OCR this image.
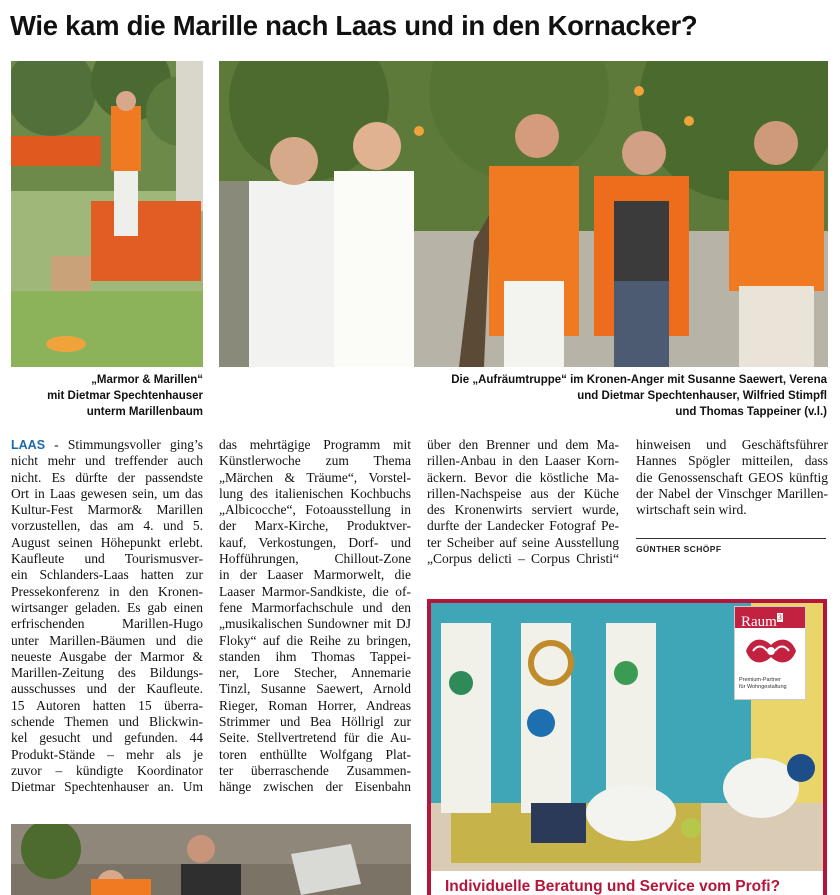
Wie kam die Marille nach Laas und in den Kornacker?
„Marmor & Marillen“
mit Dietmar Spechtenhauser
unterm Marillenbaum
Die „Aufräumtruppe“ im Kronen-Anger mit Susanne Saewert, Verena
und Dietmar Spechtenhauser, Wilfried Stimpfl
und Thomas Tappeiner (v.l.)
LAAS - Stimmungsvoller ging’s
nicht mehr und treffender auch
nicht. Es dürfte der passendste
Ort in Laas gewesen sein, um das
Kultur-Fest Marmor& Marillen
vorzustellen, das am 4. und 5.
August seinen Höhepunkt erlebt.
Kaufleute und Tourismusver-
ein Schlanders-Laas hatten zur
Pressekonferenz in den Kronen-
wirtsanger geladen. Es gab einen
erfrischenden Marillen-Hugo
unter Marillen-Bäumen und die
neueste Ausgabe der Marmor &
Marillen-Zeitung des Bildungs-
ausschusses und der Kaufleute.
15 Autoren hatten 15 überra-
schende Themen und Blickwin-
kel gesucht und gefunden. 44
Produkt-Stände – mehr als je
zuvor – kündigte Koordinator
Dietmar Spechtenhauser an. Um
das mehrtägige Programm mit
Künstlerwoche zum Thema
„Märchen & Träume“, Vorstel-
lung des italienischen Kochbuchs
„Albicocche“, Fotoausstellung in
der Marx-Kirche, Produktver-
kauf, Verkostungen, Dorf- und
Hofführungen, Chillout-Zone
in der Laaser Marmorwelt, die
Laaser Marmor-Sandkiste, die of-
fene Marmorfachschule und den
„musikalischen Sundowner mit DJ
Floky“ auf die Reihe zu bringen,
standen ihm Thomas Tappei-
ner, Lore Stecher, Annemarie
Tinzl, Susanne Saewert, Arnold
Rieger, Roman Horrer, Andreas
Strimmer und Bea Höllrigl zur
Seite. Stellvertretend für die Au-
toren enthüllte Wolfgang Plat-
ter überraschende Zusammen-
hänge zwischen der Eisenbahn
über den Brenner und dem Ma-
rillen-Anbau in den Laaser Korn-
äckern. Bevor die köstliche Ma-
rillen-Nachspeise aus der Küche
des Kronenwirts serviert wurde,
durfte der Landecker Fotograf Pe-
ter Scheiber auf seine Ausstellung
„Corpus delicti – Corpus Christi“
hinweisen und Geschäftsführer
Hannes Spögler mitteilen, dass
die Genossenschaft GEOS künftig
der Nabel der Vinschger Marillen-
wirtschaft sein wird.
GÜNTHER SCHÖPF
Raum$^3$
Premium-Partner
für Wohngestaltung
Individuelle Beratung und Service vom Profi?
